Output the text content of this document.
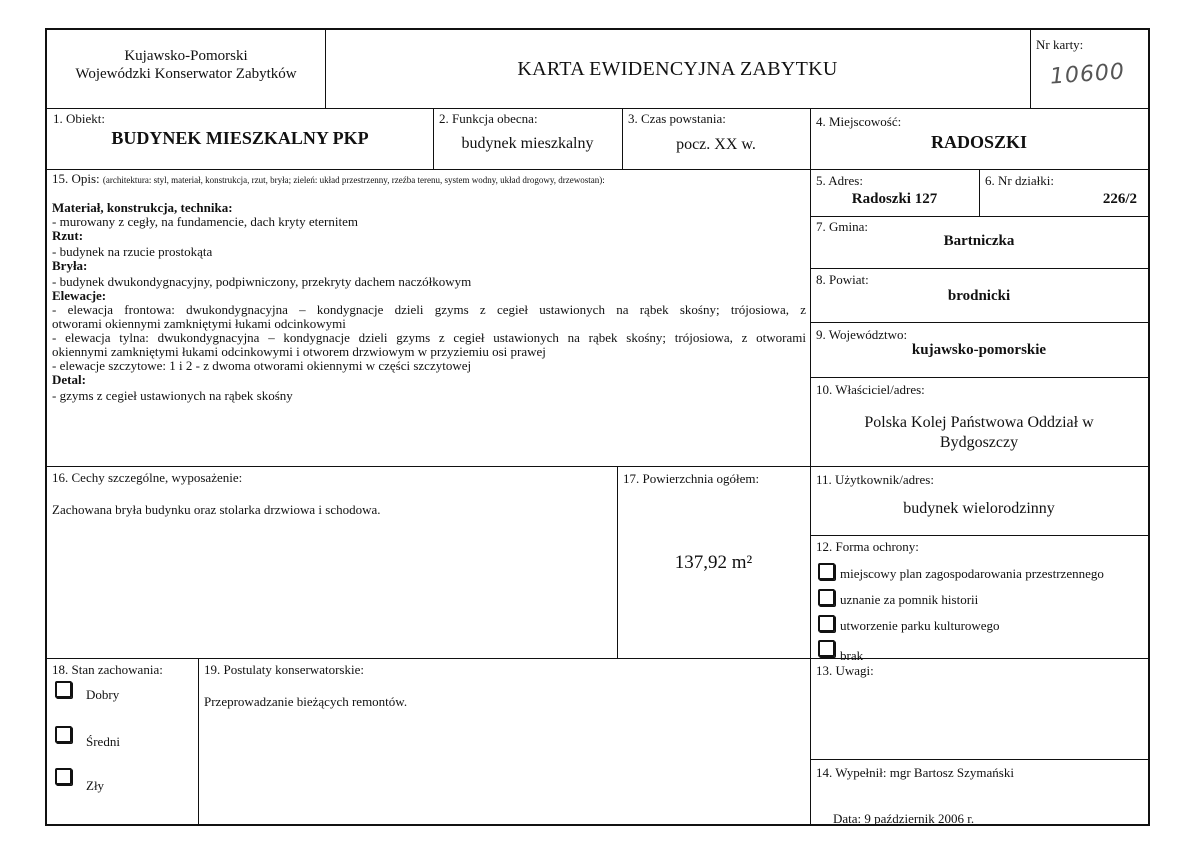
Kujawsko-Pomorski
Wojewódzki Konserwator Zabytków	KARTA EWIDENCYJNA ZABYTKU
Nr karty:
10600
1. Obiekt:
BUDYNEK MIESZKALNY PKP
2. Funkcja obecna:
budynek mieszkalny
3. Czas powstania:
pocz. XX w.
4. Miejscowość:
RADOSZKI
5. Adres:
Radoszki 127
6. Nr działki:
226/2
7. Gmina:
Bartniczka
8. Powiat:
brodnicki
9. Województwo:
kujawsko-pomorskie
10. Właściciel/adres:
Polska Kolej Państwowa Oddział w
Bydgoszczy
11. Użytkownik/adres:
budynek wielorodzinny
12. Forma ochrony:
miejscowy plan zagospodarowania przestrzennego
uznanie za pomnik historii
utworzenie parku kulturowego
brak
13. Uwagi:
14. Wypełnił: mgr Bartosz Szymański
Data: 9 październik 2006 r.
15. Opis: (architektura: styl, materiał, konstrukcja, rzut, bryła; zieleń: układ przestrzenny, rzeźba terenu, system wodny, układ drogowy, drzewostan):
Materiał, konstrukcja, technika:
- murowany z cegły, na fundamencie, dach kryty eternitem
Rzut:
- budynek na rzucie prostokąta
Bryła:
- budynek dwukondygnacyjny, podpiwniczony, przekryty dachem naczółkowym
Elewacje:
- elewacja frontowa: dwukondygnacyjna – kondygnacje dzieli gzyms z cegieł ustawionych na rąbek skośny; trójosiowa, z
otworami okiennymi zamkniętymi łukami odcinkowymi
- elewacja tylna: dwukondygnacyjna – kondygnacje dzieli gzyms z cegieł ustawionych na rąbek skośny; trójosiowa, z otworami
okiennymi zamkniętymi łukami odcinkowymi i otworem drzwiowym w przyziemiu osi prawej
- elewacje szczytowe: 1 i 2 - z dwoma otworami okiennymi w części szczytowej
Detal:
- gzyms z cegieł ustawionych na rąbek skośny
16. Cechy szczególne, wyposażenie:
Zachowana bryła budynku oraz stolarka drzwiowa i schodowa.
17. Powierzchnia ogółem:
137,92 m²
18. Stan zachowania:
Dobry
Średni
Zły
19. Postulaty konserwatorskie:
Przeprowadzanie bieżących remontów.
